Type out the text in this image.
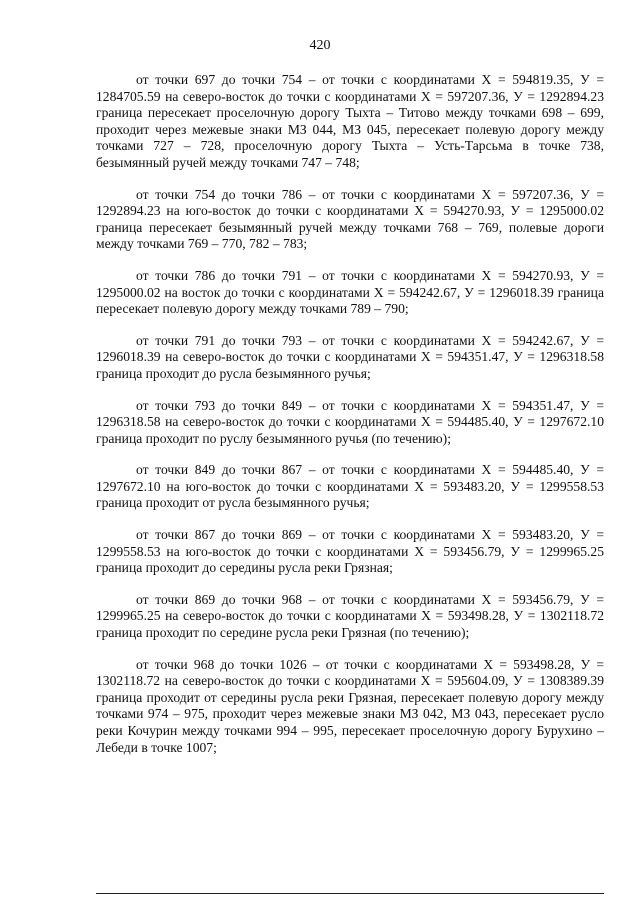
420

от точки 697 до точки 754 – от точки с координатами Х = 594819.35, У = 1284705.59 на северо-восток до точки с координатами Х = 597207.36, У = 1292894.23 граница пересекает проселочную дорогу Тыхта – Титово между точками 698 – 699, проходит через межевые знаки МЗ 044, МЗ 045, пересекает полевую дорогу между точками 727 – 728, проселочную дорогу Тыхта – Усть-Тарсьма в точке 738, безымянный ручей между точками 747 – 748;

от точки 754 до точки 786 – от точки с координатами Х = 597207.36, У = 1292894.23 на юго-восток до точки с координатами Х = 594270.93, У = 1295000.02 граница пересекает безымянный ручей между точками 768 – 769, полевые дороги между точками 769 – 770, 782 – 783;

от точки 786 до точки 791 – от точки с координатами Х = 594270.93, У = 1295000.02 на восток до точки с координатами Х = 594242.67, У = 1296018.39 граница пересекает полевую дорогу между точками 789 – 790;

от точки 791 до точки 793 – от точки с координатами Х = 594242.67, У = 1296018.39 на северо-восток до точки с координатами Х = 594351.47, У = 1296318.58 граница проходит до русла безымянного ручья;

от точки 793 до точки 849 – от точки с координатами Х = 594351.47, У = 1296318.58 на северо-восток до точки с координатами Х = 594485.40, У = 1297672.10 граница проходит по руслу безымянного ручья (по течению);

от точки 849 до точки 867 – от точки с координатами Х = 594485.40, У = 1297672.10 на юго-восток до точки с координатами Х = 593483.20, У = 1299558.53 граница проходит от русла безымянного ручья;

от точки 867 до точки 869 – от точки с координатами Х = 593483.20, У = 1299558.53 на юго-восток до точки с координатами Х = 593456.79, У = 1299965.25 граница проходит до середины русла реки Грязная;

от точки 869 до точки 968 – от точки с координатами Х = 593456.79, У = 1299965.25 на северо-восток до точки с координатами Х = 593498.28, У = 1302118.72 граница проходит по середине русла реки Грязная (по течению);

от точки 968 до точки 1026 – от точки с координатами Х = 593498.28, У = 1302118.72 на северо-восток до точки с координатами Х = 595604.09, У = 1308389.39 граница проходит от середины русла реки Грязная, пересекает полевую дорогу между точками 974 – 975, проходит через межевые знаки МЗ 042, МЗ 043, пересекает русло реки Кочурин между точками 994 – 995, пересекает проселочную дорогу Бурухино – Лебеди в точке 1007;
